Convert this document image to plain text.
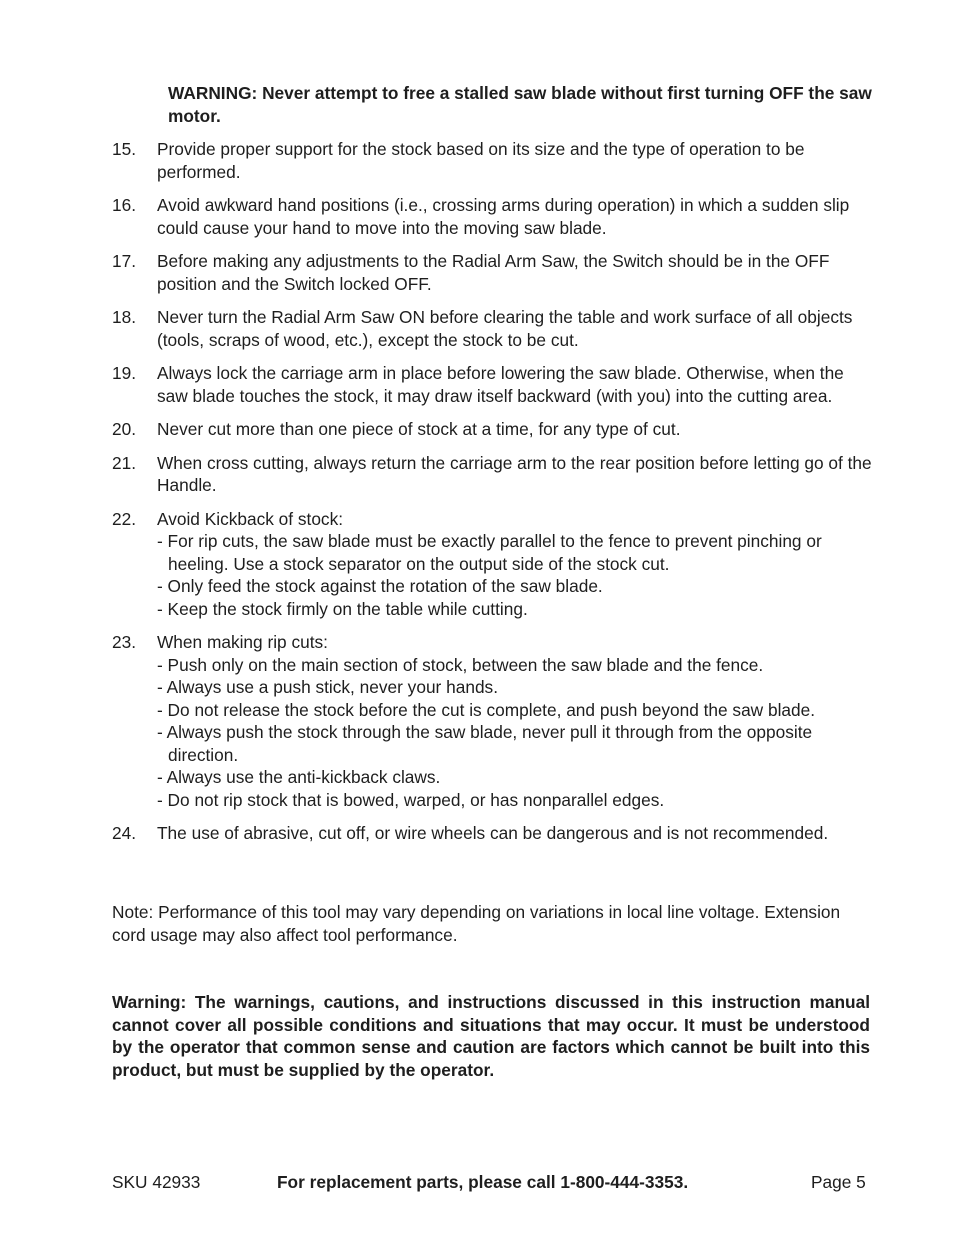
WARNING: Never attempt to free a stalled saw blade without first turning OFF the saw motor.
15.	Provide proper support for the stock based on its size and the type of operation to be performed.
16.	Avoid awkward hand positions (i.e., crossing arms during operation) in which a sudden slip could cause your hand to move into the moving saw blade.
17.	Before making any adjustments to the Radial Arm Saw, the Switch should be in the OFF position and the Switch locked OFF.
18.	Never turn the Radial Arm Saw ON before clearing the table and work surface of all objects (tools, scraps of wood, etc.), except the stock to be cut.
19.	Always lock the carriage arm in place before lowering the saw blade. Otherwise, when the saw blade touches the stock, it may draw itself backward (with you) into the cutting area.
20.	Never cut more than one piece of stock at a time, for any type of cut.
21.	When cross cutting, always return the carriage arm to the rear position before letting go of the Handle.
22.	Avoid Kickback of stock:
- For rip cuts, the saw blade must be exactly parallel to the fence to prevent pinching or heeling. Use a stock separator on the output side of the stock cut.
- Only feed the stock against the rotation of the saw blade.
- Keep the stock firmly on the table while cutting.
23.	When making rip cuts:
- Push only on the main section of stock, between the saw blade and the fence.
- Always use a push stick, never your hands.
- Do not release the stock before the cut is complete, and push beyond the saw blade.
- Always push the stock through the saw blade, never pull it through from the opposite direction.
- Always use the anti-kickback claws.
- Do not rip stock that is bowed, warped, or has nonparallel edges.
24.	The use of abrasive, cut off, or wire wheels can be dangerous and is not recommended.
Note: Performance of this tool may vary depending on variations in local line voltage. Extension cord usage may also affect tool performance.
Warning: The warnings, cautions, and instructions discussed in this instruction manual cannot cover all possible conditions and situations that may occur. It must be understood by the operator that common sense and caution are factors which cannot be built into this product, but must be supplied by the operator.
SKU 42933	For replacement parts, please call 1-800-444-3353.	Page 5
